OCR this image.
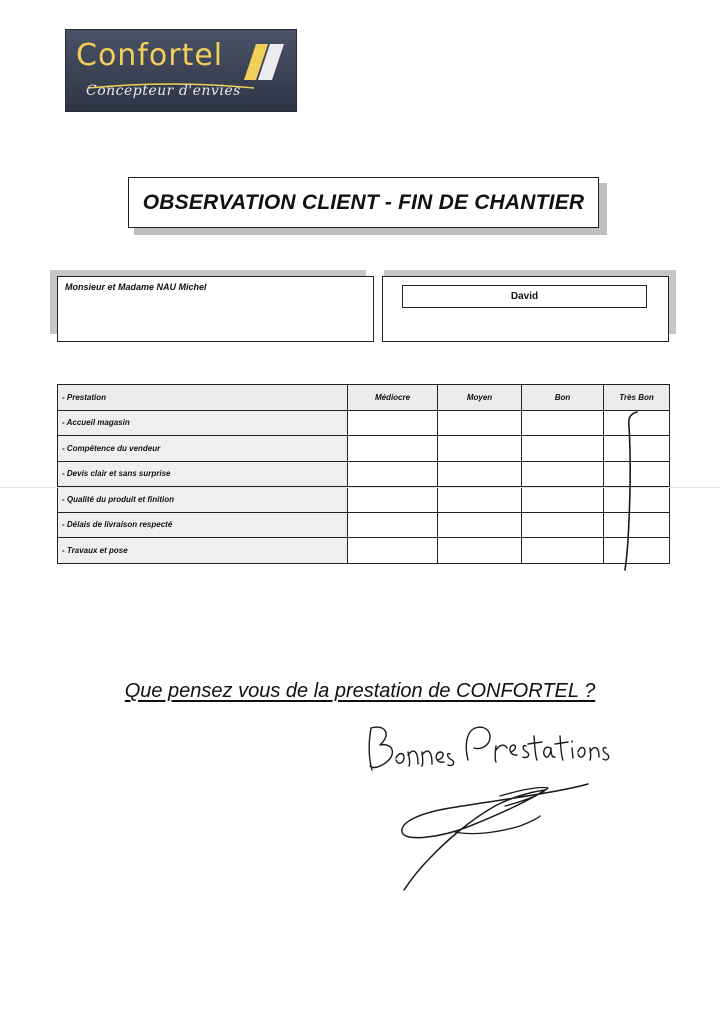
Confortel
Concepteur d'envies
OBSERVATION CLIENT - FIN DE CHANTIER
Monsieur et Madame NAU Michel
David
- Prestation	Médiocre	Moyen	Bon	Très Bon
- Accueil magasin				
- Compétence du vendeur				
- Devis clair et sans surprise				
- Qualité du produit et finition				
- Délais de livraison respecté				
- Travaux et pose				
Que pensez vous de la prestation de CONFORTEL ?
